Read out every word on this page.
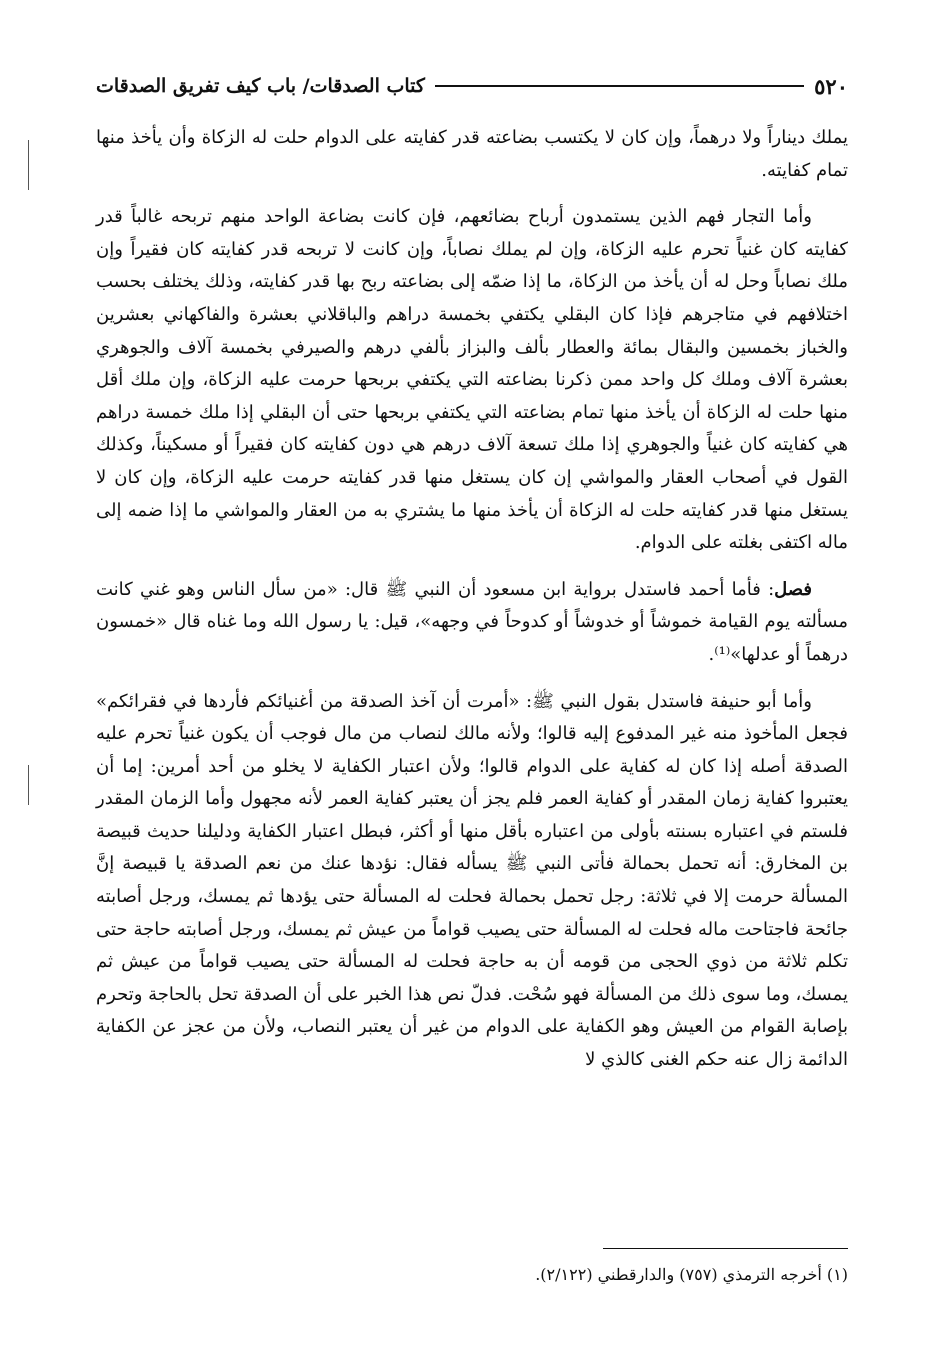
٥٢٠
كتاب الصدقات/ باب كيف تفريق الصدقات

يملك ديناراً ولا درهماً، وإن كان لا يكتسب بضاعته قدر كفايته على الدوام حلت له الزكاة وأن يأخذ منها تمام كفايته.

وأما التجار فهم الذين يستمدون أرباح بضائعهم، فإن كانت بضاعة الواحد منهم تربحه غالباً قدر كفايته كان غنياً تحرم عليه الزكاة، وإن لم يملك نصاباً، وإن كانت لا تربحه قدر كفايته كان فقيراً وإن ملك نصاباً وحل له أن يأخذ من الزكاة، ما إذا ضمّه إلى بضاعته ربح بها قدر كفايته، وذلك يختلف بحسب اختلافهم في متاجرهم فإذا كان البقلي يكتفي بخمسة دراهم والباقلاني بعشرة والفاكهاني بعشرين والخباز بخمسين والبقال بمائة والعطار بألف والبزاز بألفي درهم والصيرفي بخمسة آلاف والجوهري بعشرة آلاف وملك كل واحد ممن ذكرنا بضاعته التي يكتفي بربحها حرمت عليه الزكاة، وإن ملك أقل منها حلت له الزكاة أن يأخذ منها تمام بضاعته التي يكتفي بربحها حتى أن البقلي إذا ملك خمسة دراهم هي كفايته كان غنياً والجوهري إذا ملك تسعة آلاف درهم هي دون كفايته كان فقيراً أو مسكيناً، وكذلك القول في أصحاب العقار والمواشي إن كان يستغل منها قدر كفايته حرمت عليه الزكاة، وإن كان لا يستغل منها قدر كفايته حلت له الزكاة أن يأخذ منها ما يشتري به من العقار والمواشي ما إذا ضمه إلى ماله اكتفى بغلته على الدوام.

فصل: فأما أحمد فاستدل برواية ابن مسعود أن النبي ﷺ قال: «من سأل الناس وهو غني كانت مسألته يوم القيامة خموشاً أو خدوشاً أو كدوحاً في وجهه»، قيل: يا رسول الله وما غناه قال «خمسون درهماً أو عدلها»⁽¹⁾.

وأما أبو حنيفة فاستدل بقول النبي ﷺ: «أمرت أن آخذ الصدقة من أغنيائكم فأردها في فقرائكم» فجعل المأخوذ منه غير المدفوع إليه قالوا؛ ولأنه مالك لنصاب من مال فوجب أن يكون غنياً تحرم عليه الصدقة أصله إذا كان له كفاية على الدوام قالوا؛ ولأن اعتبار الكفاية لا يخلو من أحد أمرين: إما أن يعتبروا كفاية زمان المقدر أو كفاية العمر فلم يجز أن يعتبر كفاية العمر لأنه مجهول وأما الزمان المقدر فلستم في اعتباره بسنته بأولى من اعتباره بأقل منها أو أكثر، فبطل اعتبار الكفاية ودليلنا حديث قبيصة بن المخارق: أنه تحمل بحمالة فأتى النبي ﷺ يسأله فقال: نؤدها عنك من نعم الصدقة يا قبيصة إنَّ المسألة حرمت إلا في ثلاثة: رجل تحمل بحمالة فحلت له المسألة حتى يؤدها ثم يمسك، ورجل أصابته جائحة فاجتاحت ماله فحلت له المسألة حتى يصيب قواماً من عيش ثم يمسك، ورجل أصابته حاجة حتى تكلم ثلاثة من ذوي الحجى من قومه أن به حاجة فحلت له المسألة حتى يصيب قواماً من عيش ثم يمسك، وما سوى ذلك من المسألة فهو سُحْت. فدلّ نص هذا الخبر على أن الصدقة تحل بالحاجة وتحرم بإصابة القوام من العيش وهو الكفاية على الدوام من غير أن يعتبر النصاب، ولأن من عجز عن الكفاية الدائمة زال عنه حكم الغنى كالذي لا

(١) أخرجه الترمذي (٧٥٧) والدارقطني (٢/١٢٢).
